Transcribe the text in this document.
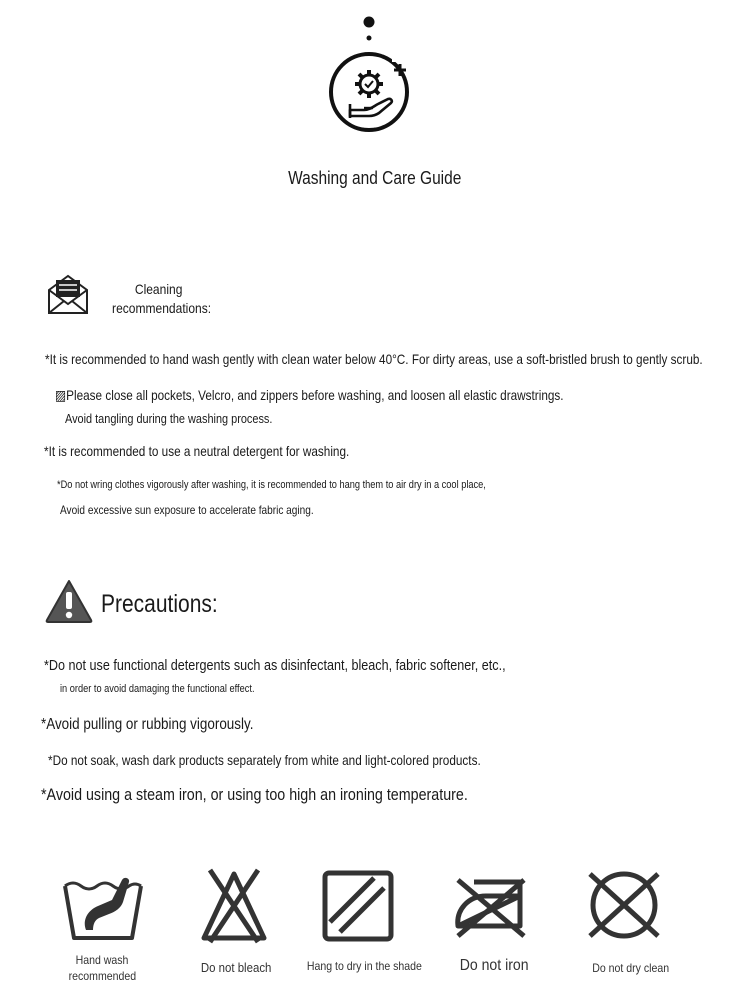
Washing and Care Guide
Cleaning
recommendations:
*It is recommended to hand wash gently with clean water below 40°C. For dirty areas, use a soft-bristled brush to gently scrub.
▨Please close all pockets, Velcro, and zippers before washing, and loosen all elastic drawstrings.
Avoid tangling during the washing process.
*It is recommended to use a neutral detergent for washing.
*Do not wring clothes vigorously after washing, it is recommended to hang them to air dry in a cool place,
Avoid excessive sun exposure to accelerate fabric aging.
Precautions:
*Do not use functional detergents such as disinfectant, bleach, fabric softener, etc.,
in order to avoid damaging the functional effect.
*Avoid pulling or rubbing vigorously.
*Do not soak, wash dark products separately from white and light-colored products.
*Avoid using a steam iron, or using too high an ironing temperature.
Hand wash
recommended
Do not bleach	Hang to dry in the shade	Do not iron	Do not dry clean
